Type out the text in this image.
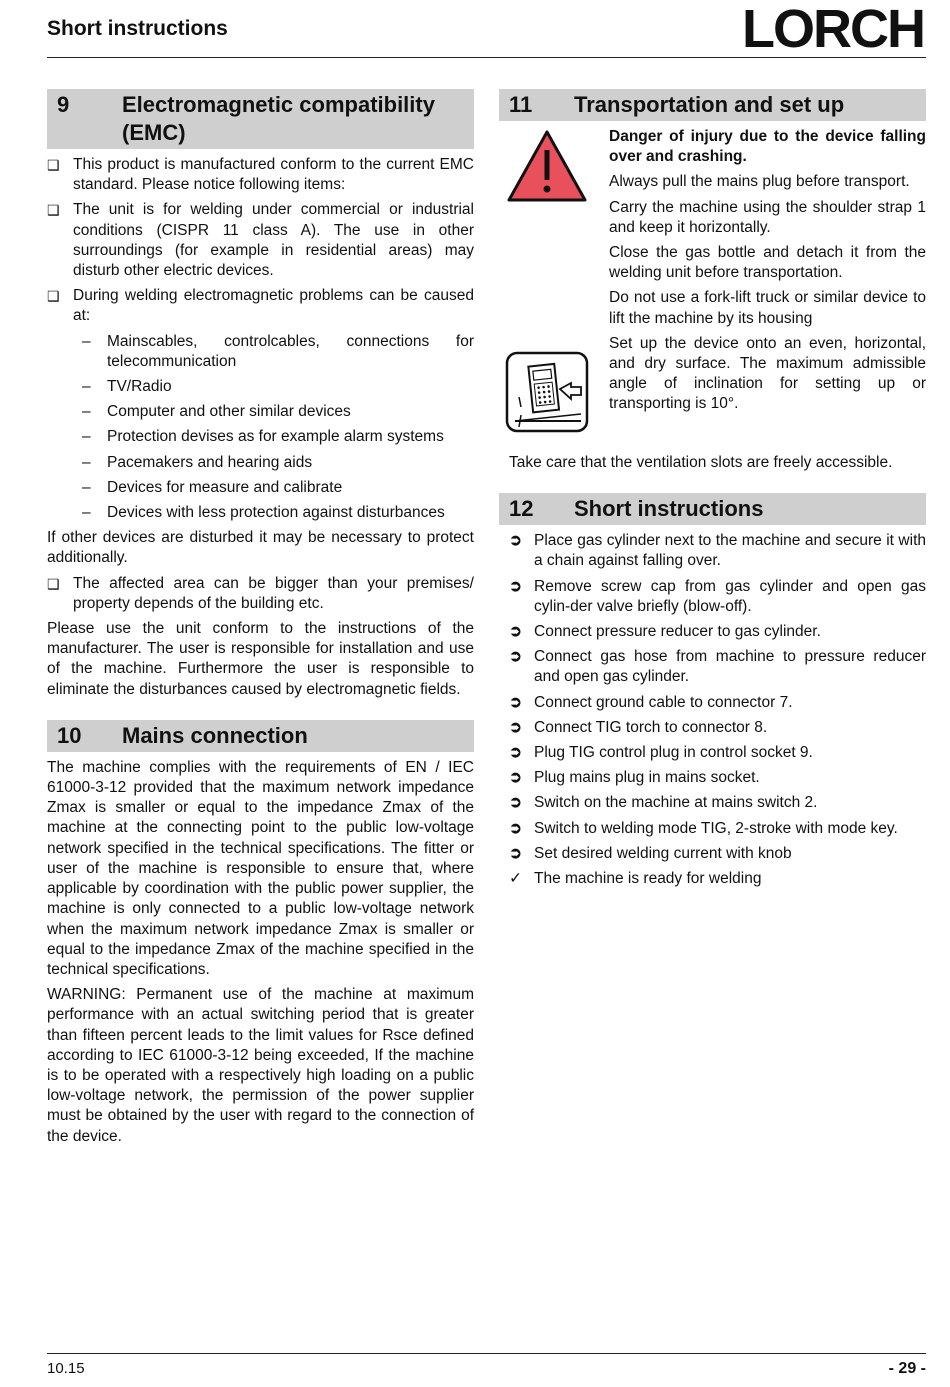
Short instructions	LORCH
9	Electromagnetic compatibility (EMC)
❑ This product is manufactured conform to the current EMC standard. Please notice following items:
❑ The unit is for welding under commercial or industrial conditions (CISPR 11 class A). The use in other surroundings (for example in residential areas) may disturb other electric devices.
❑ During welding electromagnetic problems can be caused at:
–	Mainscables, controlcables, connections for telecommunication
–	TV/Radio
–	Computer and other similar devices
–	Protection devises as for example alarm systems
–	Pacemakers and hearing aids
–	Devices for measure and calibrate
–	Devices with less protection against disturbances

If other devices are disturbed it may be necessary to protect additionally.

❑ The affected area can be bigger than your premises/ property depends of the building etc.

Please use the unit conform to the instructions of the manufacturer. The user is responsible for installation and use of the machine. Furthermore the user is responsible to eliminate the disturbances caused by electromagnetic fields.

10	Mains connection

The machine complies with the requirements of EN / IEC 61000-3-12 provided that the maximum network impedance Zmax is smaller or equal to the impedance Zmax of the machine at the connecting point to the public low-voltage network specified in the technical specifications. The fitter or user of the machine is responsible to ensure that, where applicable by coordination with the public power supplier, the machine is only connected to a public low-voltage network when the maximum network impedance Zmax is smaller or equal to the impedance Zmax of the machine specified in the technical specifications.

WARNING: Permanent use of the machine at maximum performance with an actual switching period that is greater than fifteen percent leads to the limit values for Rsce defined according to IEC 61000-3-12 being exceeded, If the machine is to be operated with a respectively high loading on a public low-voltage network, the permission of the power supplier must be obtained by the user with regard to the connection of the device.

11	Transportation and set up

Danger of injury due to the device falling over and crashing.

Always pull the mains plug before transport.

Carry the machine using the shoulder strap 1 and keep it horizontally.

Close the gas bottle and detach it from the welding unit before transportation.

Do not use a fork-lift truck or similar device to lift the machine by its housing

Set up the device onto an even, horizontal, and dry surface. The maximum admissible angle of inclination for setting up or transporting is 10°.

Take care that the ventilation slots are freely accessible.

12	Short instructions
➲ Place gas cylinder next to the machine and secure it with a chain against falling over.
➲ Remove screw cap from gas cylinder and open gas cylin-der valve briefly (blow-off).
➲ Connect pressure reducer to gas cylinder.
➲ Connect gas hose from machine to pressure reducer and open gas cylinder.
➲ Connect ground cable to connector 7.
➲ Connect TIG torch to connector 8.
➲ Plug TIG control plug in control socket 9.
➲ Plug mains plug in mains socket.
➲ Switch on the machine at mains switch 2.
➲ Switch to welding mode TIG, 2-stroke with mode key.
➲ Set desired welding current with knob
✓ The machine is ready for welding
10.15	- 29 -
